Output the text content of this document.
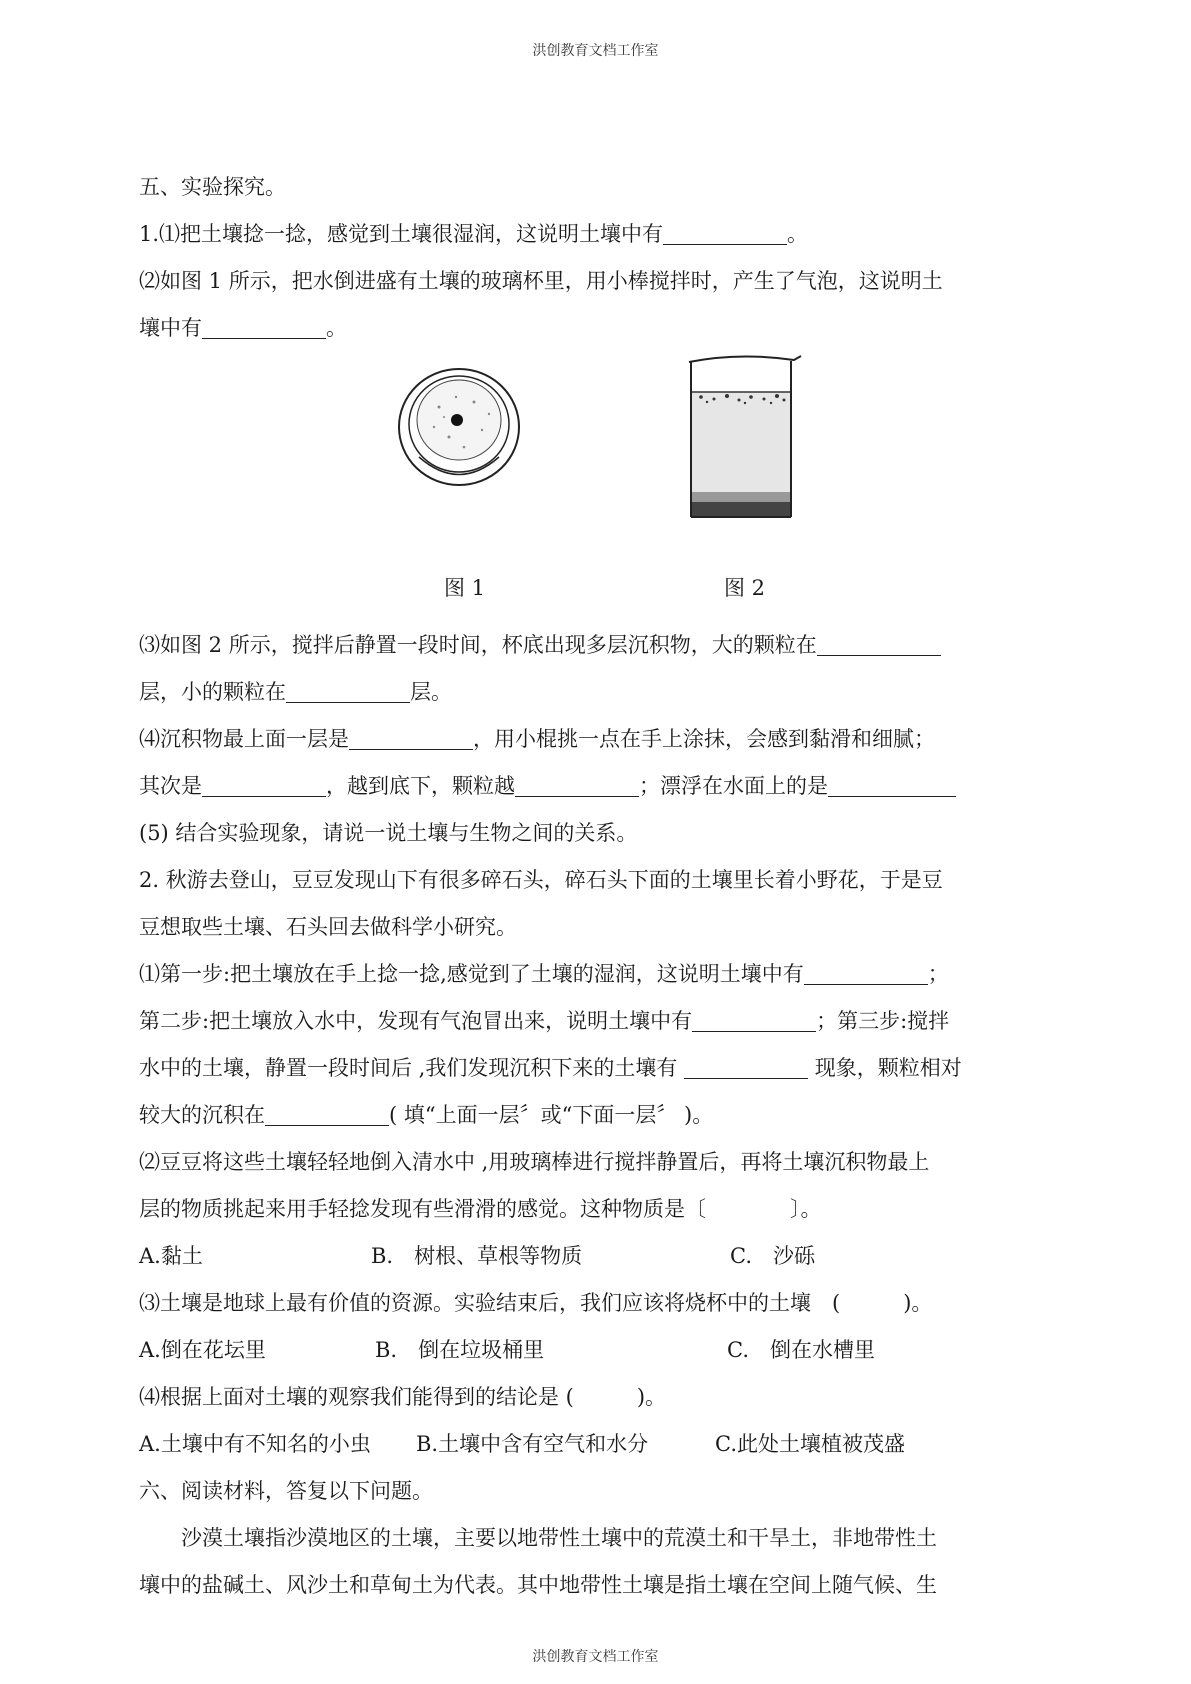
洪创教育文档工作室
五、实验探究。
1.⑴把土壤捻一捻，感觉到土壤很湿润，这说明土壤中有	。
⑵如图 1 所示，把水倒进盛有土壤的玻璃杯里，用小棒搅拌时，产生了气泡，这说明土
壤中有	。
图 1	图 2
⑶如图 2 所示，搅拌后静置一段时间，杯底出现多层沉积物，大的颗粒在
层，小的颗粒在	层。
⑷沉积物最上面一层是	，用小棍挑一点在手上涂抹，会感到黏滑和细腻；
其次是	，越到底下，颗粒越	；漂浮在水面上的是
(5) 结合实验现象，请说一说土壤与生物之间的关系。
2. 秋游去登山，豆豆发现山下有很多碎石头，碎石头下面的土壤里长着小野花，于是豆
豆想取些土壤、石头回去做科学小研究。
⑴第一步:把土壤放在手上捻一捻,感觉到了土壤的湿润，这说明土壤中有	；
第二步:把土壤放入水中，发现有气泡冒出来，说明土壤中有	；第三步:搅拌
水中的土壤，静置一段时间后 ,我们发现沉积下来的土壤有	现象，颗粒相对
较大的沉积在	( 填“上面一层〞或“下面一层〞 )。
⑵豆豆将这些土壤轻轻地倒入清水中 ,用玻璃棒进行搅拌静置后，再将土壤沉积物最上
层的物质挑起来用手轻捻发现有些滑滑的感觉。这种物质是〔　　　　〕。
A.黏土	B.　树根、草根等物质	C.　沙砾
⑶土壤是地球上最有价值的资源。实验结束后，我们应该将烧杯中的土壤　(　　　)。
A.倒在花坛里	B.　倒在垃圾桶里	C.　倒在水槽里
⑷根据上面对土壤的观察我们能得到的结论是 (　　　)。
A.土壤中有不知名的小虫 B.土壤中含有空气和水分	C.此处土壤植被茂盛
六、阅读材料，答复以下问题。
沙漠土壤指沙漠地区的土壤，主要以地带性土壤中的荒漠土和干旱土，非地带性土
壤中的盐碱土、风沙土和草甸土为代表。其中地带性土壤是指土壤在空间上随气候、生
洪创教育文档工作室
